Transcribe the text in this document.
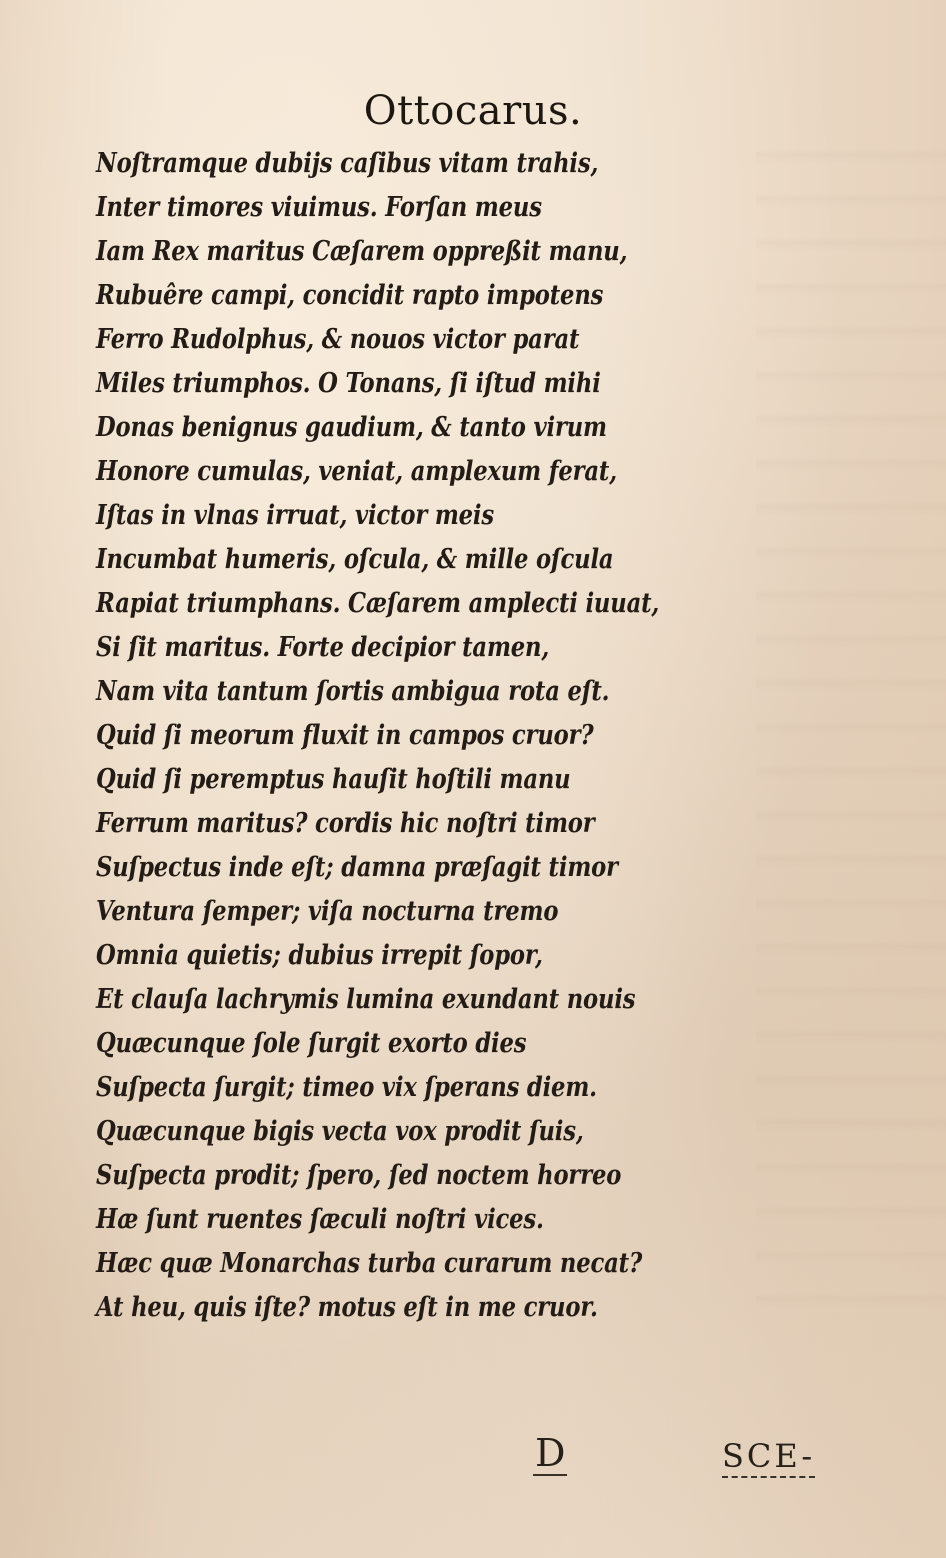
Ottocarus.
Noſtramque dubijs caſibus vitam trahis,
Inter timores viuimus. Forſan meus
Iam Rex maritus Cæſarem oppreßit manu,
Rubuêre campi, concidit rapto impotens
Ferro Rudolphus, & nouos victor parat
Miles triumphos. O Tonans, ſi iſtud mihi
Donas benignus gaudium, & tanto virum
Honore cumulas, veniat, amplexum ferat,
Iſtas in vlnas irruat, victor meis
Incumbat humeris, oſcula, & mille oſcula
Rapiat triumphans. Cæſarem amplecti iuuat,
Si ſit maritus. Forte decipior tamen,
Nam vita tantum ſortis ambigua rota eſt.
Quid ſi meorum fluxit in campos cruor?
Quid ſi peremptus hauſit hoſtili manu
Ferrum maritus? cordis hic noſtri timor
Suſpectus inde eſt; damna præſagit timor
Ventura ſemper; viſa nocturna tremo
Omnia quietis; dubius irrepit ſopor,
Et clauſa lachrymis lumina exundant nouis
Quæcunque ſole ſurgit exorto dies
Suſpecta ſurgit; timeo vix ſperans diem.
Quæcunque bigis vecta vox prodit ſuis,
Suſpecta prodit; ſpero, ſed noctem horreo
Hæ ſunt ruentes ſæculi noſtri vices.
Hæc quæ Monarchas turba curarum necat?
At heu, quis iſte? motus eſt in me cruor.
D	SCE-
